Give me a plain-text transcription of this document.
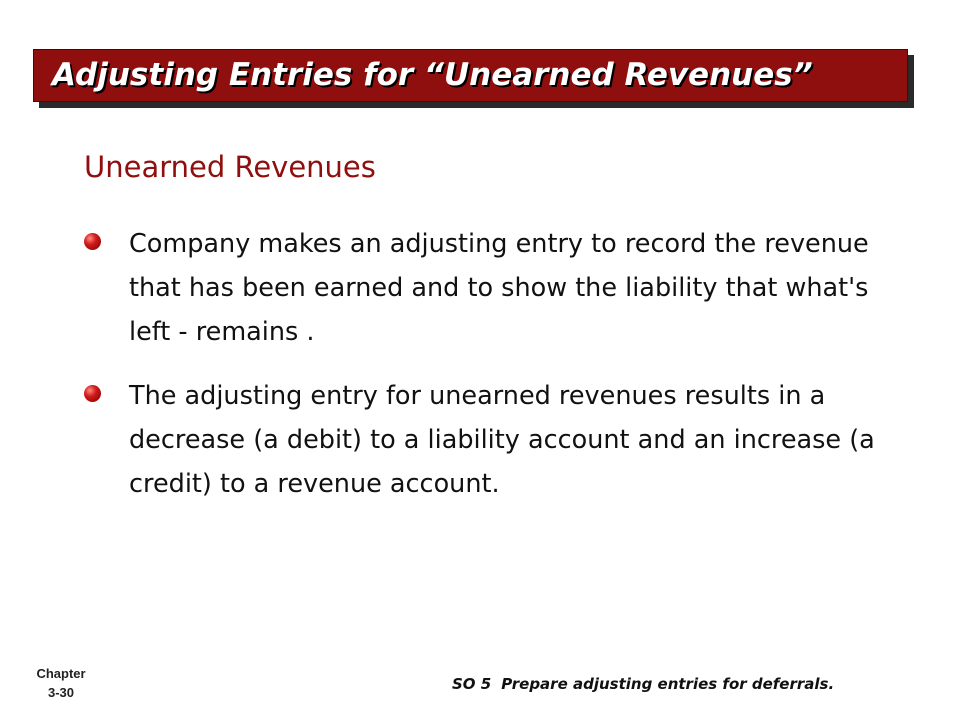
Adjusting Entries for “Unearned Revenues”
Unearned Revenues
Company makes an adjusting entry to record the revenue that has been earned and to show the liability that what's left - remains .
The adjusting entry for unearned revenues results in a decrease (a debit) to a liability account and an increase (a credit) to a revenue account.
Chapter
3-30	SO 5 Prepare adjusting entries for deferrals.
